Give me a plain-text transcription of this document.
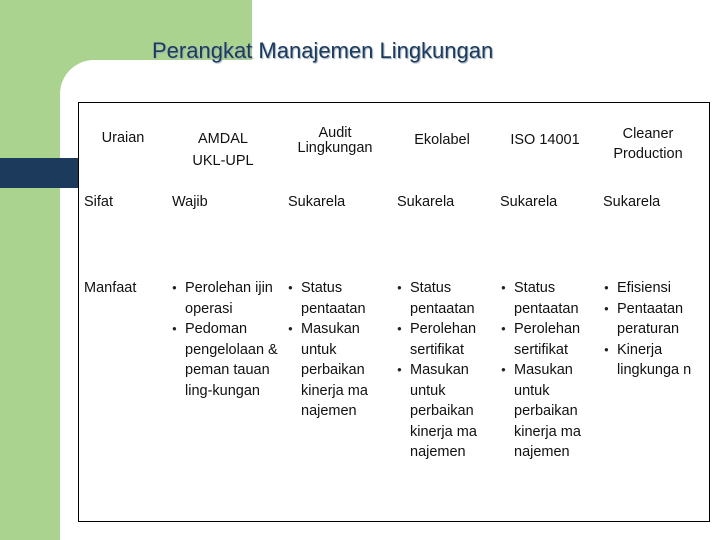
Perangkat Manajemen Lingkungan
Uraian	AMDAL UKL-UPL
Audit Lingkungan	Ekolabel	ISO 14001	Cleaner Production
Sifat	Wajib	Sukarela	Sukarela	Sukarela	Sukarela
Manfaat
●	Perolehan ijin operasi
● Pedoman pengelolaan & peman tauan ling-kungan
● Status pentaatan
● Masukan untuk perbaikan kinerja ma najemen
● Status pentaatan
● Perolehan sertifikat
● Masukan untuk perbaikan kinerja ma najemen
● Status pentaatan
● Perolehan sertifikat
● Masukan untuk perbaikan kinerja ma najemen
● Efisiensi
● Pentaatan peraturan
● Kinerja lingkunga n
